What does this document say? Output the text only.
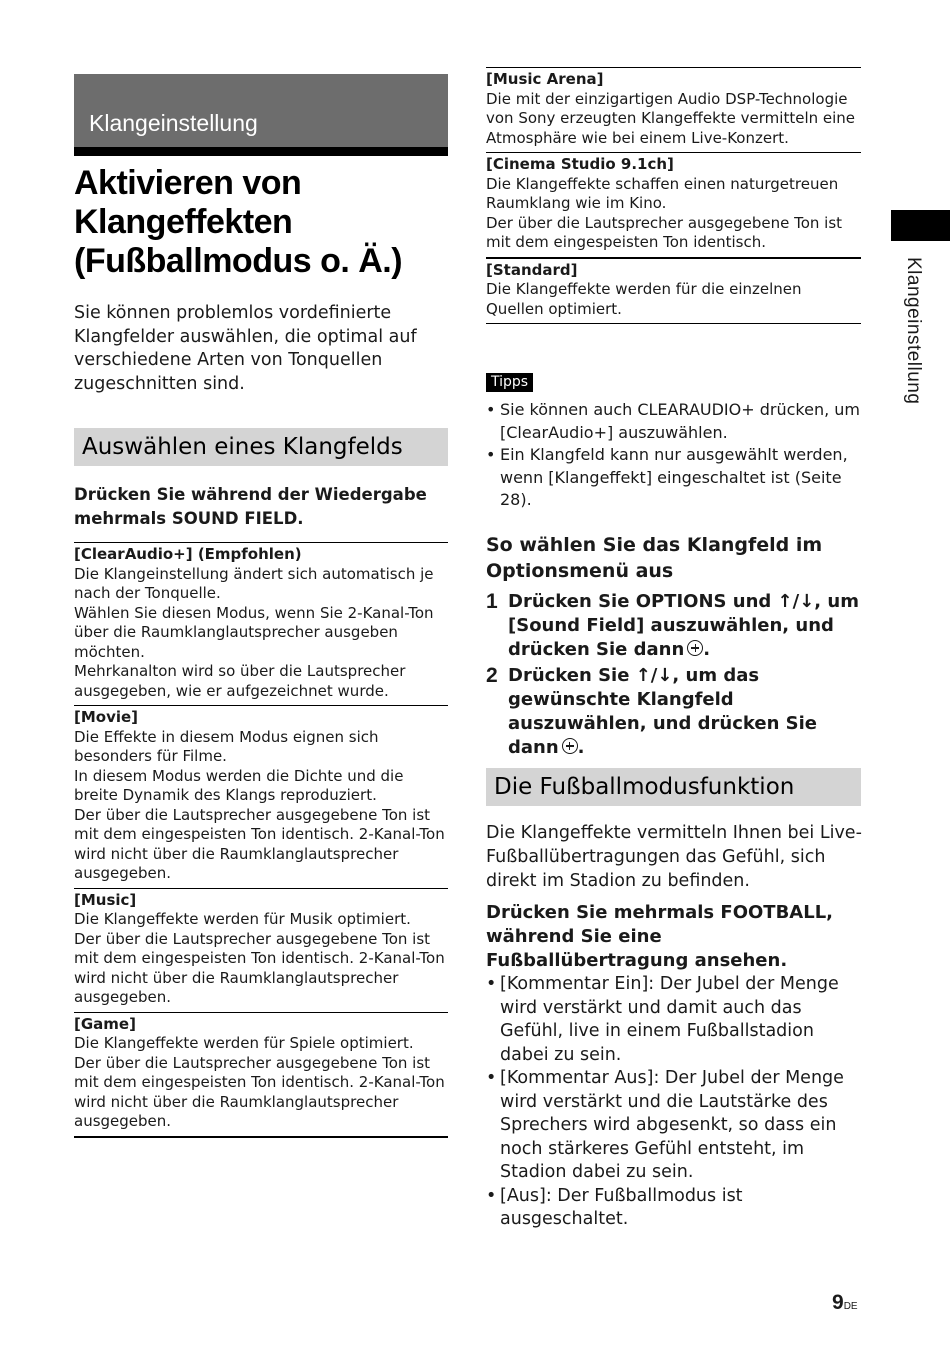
Klangeinstellung
Aktivieren von Klangeffekten (Fußballmodus o. Ä.)
Sie können problemlos vordefinierte Klangfelder auswählen, die optimal auf verschiedene Arten von Tonquellen zugeschnitten sind.
Auswählen eines Klangfelds
Drücken Sie während der Wiedergabe mehrmals SOUND FIELD.
[ClearAudio+] (Empfohlen)
Die Klangeinstellung ändert sich automatisch je nach der Tonquelle.
Wählen Sie diesen Modus, wenn Sie 2-Kanal-Ton über die Raumklanglautsprecher ausgeben möchten.
Mehrkanalton wird so über die Lautsprecher ausgegeben, wie er aufgezeichnet wurde.
[Movie]
Die Effekte in diesem Modus eignen sich besonders für Filme.
In diesem Modus werden die Dichte und die breite Dynamik des Klangs reproduziert.
Der über die Lautsprecher ausgegebene Ton ist mit dem eingespeisten Ton identisch. 2-Kanal-Ton wird nicht über die Raumklanglautsprecher ausgegeben.
[Music]
Die Klangeffekte werden für Musik optimiert.
Der über die Lautsprecher ausgegebene Ton ist mit dem eingespeisten Ton identisch. 2-Kanal-Ton wird nicht über die Raumklanglautsprecher ausgegeben.
[Game]
Die Klangeffekte werden für Spiele optimiert.
Der über die Lautsprecher ausgegebene Ton ist mit dem eingespeisten Ton identisch. 2-Kanal-Ton wird nicht über die Raumklanglautsprecher ausgegeben.
[Music Arena]
Die mit der einzigartigen Audio DSP-Technologie von Sony erzeugten Klangeffekte vermitteln eine Atmosphäre wie bei einem Live-Konzert.
[Cinema Studio 9.1ch]
Die Klangeffekte schaffen einen naturgetreuen Raumklang wie im Kino.
Der über die Lautsprecher ausgegebene Ton ist mit dem eingespeisten Ton identisch.
[Standard]
Die Klangeffekte werden für die einzelnen Quellen optimiert.
Tipps
• Sie können auch CLEARAUDIO+ drücken, um [ClearAudio+] auszuwählen.
• Ein Klangfeld kann nur ausgewählt werden, wenn [Klangeffekt] eingeschaltet ist (Seite 28).
So wählen Sie das Klangfeld im Optionsmenü aus
1 Drücken Sie OPTIONS und ↑/↓, um [Sound Field] auszuwählen, und drücken Sie dann .
2 Drücken Sie ↑/↓, um das gewünschte Klangfeld auszuwählen, und drücken Sie dann .
Die Fußballmodusfunktion
Die Klangeffekte vermitteln Ihnen bei Live-Fußballübertragungen das Gefühl, sich direkt im Stadion zu befinden.
Drücken Sie mehrmals FOOTBALL, während Sie eine Fußballübertragung ansehen.
• [Kommentar Ein]: Der Jubel der Menge wird verstärkt und damit auch das Gefühl, live in einem Fußballstadion dabei zu sein.
• [Kommentar Aus]: Der Jubel der Menge wird verstärkt und die Lautstärke des Sprechers wird abgesenkt, so dass ein noch stärkeres Gefühl entsteht, im Stadion dabei zu sein.
• [Aus]: Der Fußballmodus ist ausgeschaltet.
Klangeinstellung
9DE
